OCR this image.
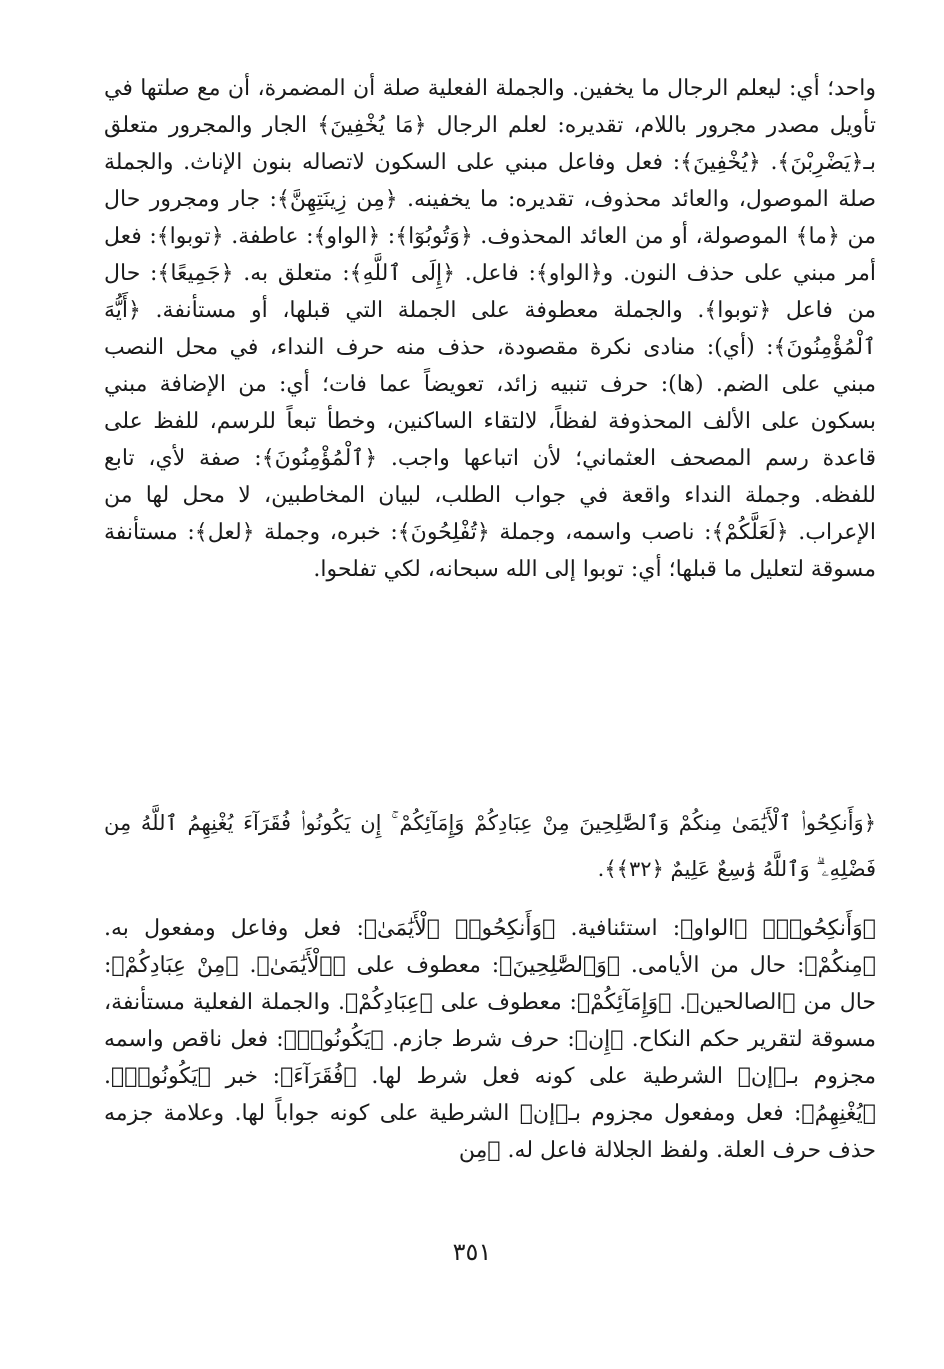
واحد؛ أي: ليعلم الرجال ما يخفين. والجملة الفعلية صلة أن المضمرة، أن مع صلتها في تأويل مصدر مجرور باللام، تقديره: لعلم الرجال ﴿مَا يُخْفِينَ﴾ الجار والمجرور متعلق بـ﴿يَضْرِبْنَ﴾. ﴿يُخْفِينَ﴾: فعل وفاعل مبني على السكون لاتصاله بنون الإناث. والجملة صلة الموصول، والعائد محذوف، تقديره: ما يخفينه. ﴿مِن زِينَتِهِنَّ﴾: جار ومجرور حال من ﴿ما﴾ الموصولة، أو من العائد المحذوف. ﴿وَتُوبُوٓا﴾: ﴿الواو﴾: عاطفة. ﴿توبوا﴾: فعل أمر مبني على حذف النون. و﴿الواو﴾: فاعل. ﴿إِلَى ٱللَّهِ﴾: متعلق به. ﴿جَمِيعًا﴾: حال من فاعل ﴿توبوا﴾. والجملة معطوفة على الجملة التي قبلها، أو مستأنفة. ﴿أَيُّهَ ٱلْمُؤْمِنُونَ﴾: (أي): منادى نكرة مقصودة، حذف منه حرف النداء، في محل النصب مبني على الضم. (ها): حرف تنبيه زائد، تعويضاً عما فات؛ أي: من الإضافة مبني بسكون على الألف المحذوفة لفظاً، لالتقاء الساكنين، وخطأ تبعاً للرسم، للفظ على قاعدة رسم المصحف العثماني؛ لأن اتباعها واجب. ﴿ٱلْمُؤْمِنُونَ﴾: صفة لأي، تابع للفظه. وجملة النداء واقعة في جواب الطلب، لبيان المخاطبين، لا محل لها من الإعراب. ﴿لَعَلَّكُمْ﴾: ناصب واسمه، وجملة ﴿تُفْلِحُونَ﴾: خبره، وجملة ﴿لعل﴾: مستأنفة مسوقة لتعليل ما قبلها؛ أي: توبوا إلى الله سبحانه، لكي تفلحوا.

﴿وَأَنكِحُوا۟ ٱلْأَيَٰمَىٰ مِنكُمْ وَٱلصَّٰلِحِينَ مِنْ عِبَادِكُمْ وَإِمَآئِكُمْ ۚ إِن يَكُونُوا۟ فُقَرَآءَ يُغْنِهِمُ ٱللَّهُ مِن فَضْلِهِۦ ۗ وَٱللَّهُ وَٰسِعٌ عَلِيمٌ ﴿٣٢﴾﴾.

﴿وَأَنكِحُوا۟﴾ ﴿الواو﴾: استئنافية. ﴿وَأَنكِحُوا۟ ٱلْأَيَٰمَىٰ﴾: فعل وفاعل ومفعول به. ﴿مِنكُمْ﴾: حال من الأيامى. ﴿وَٱلصَّٰلِحِينَ﴾: معطوف على ﴿ٱلْأَيَٰمَىٰ﴾. ﴿مِنْ عِبَادِكُمْ﴾: حال من ﴿الصالحين﴾. ﴿وَإِمَآئِكُمْ﴾: معطوف على ﴿عِبَادِكُمْ﴾. والجملة الفعلية مستأنفة، مسوقة لتقرير حكم النكاح. ﴿إِن﴾: حرف شرط جازم. ﴿يَكُونُوا۟﴾: فعل ناقص واسمه مجزوم بـ﴿إن﴾ الشرطية على كونه فعل شرط لها. ﴿فُقَرَآءَ﴾: خبر ﴿يَكُونُوا۟﴾. ﴿يُغْنِهِمُ﴾: فعل ومفعول مجزوم بـ﴿إن﴾ الشرطية على كونه جواباً لها. وعلامة جزمه حذف حرف العلة. ولفظ الجلالة فاعل له. ﴿مِن

٣٥١
